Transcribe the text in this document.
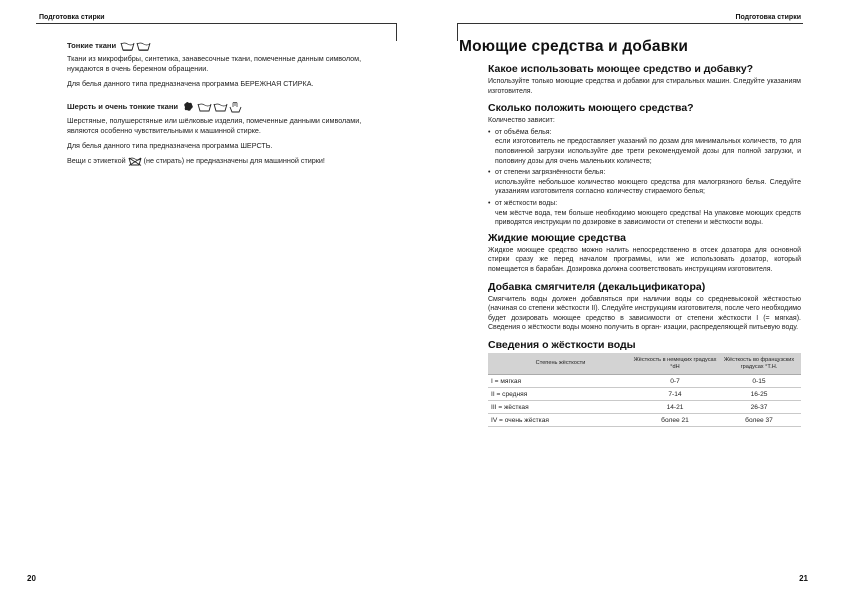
Подготовка стирки
Тонкие ткани

Ткани из микрофибры, синтетика, занавесочные ткани, помеченные данным символом, нуждаются в очень бережном обращении.

Для белья данного типа предназначена программа БЕРЕЖНАЯ СТИРКА.

Шерсть и очень тонкие ткани

Шерстяные, полушерстяные или шёлковые изделия, помеченные данными символами, являются особенно чувствительными к машинной стирке.

Для белья данного типа предназначена программа ШЕРСТЬ.

Вещи с этикеткой	(не стирать) не предназначены для машинной стирки!

20
Подготовка стирки
21
Моющие средства и добавки
Какое использовать моющее средство и добавку?
Используйте только моющие средства и добавки для стиральных машин. Следуйте указаниям изготовителя.
Сколько положить моющего средства?
Количество зависит:
• от объёма белья:
если изготовитель не предоставляет указаний по дозам для минимальных количеств, то для половинной загрузки используйте две трети рекомендуемой дозы для полной загрузки, и половину дозы для очень маленьких количеств;
• от степени загрязнённости белья:
используйте небольшое количество моющего средства для малогрязного белья. Следуйте указаниям изготовителя согласно количеству стираемого белья;
• от жёсткости воды:
чем жёстче вода, тем больше необходимо моющего средства! На упаковке моющих средств приводятся инструкции по дозировке в зависимости от степени и жёсткости воды.
Жидкие моющие средства
Жидкое моющее средство можно налить непосредственно в отсек дозатора для основной стирки сразу же перед началом программы, или же использовать дозатор, который помещается в барабан. Дозировка должна соответствовать инструкциям изготовителя.
Добавка смягчителя (декальцификатора)
Смягчитель воды должен добавляться при наличии воды со средневысокой жёсткостью (начиная со степени жёсткости II). Следуйте инструкциям изготовителя, после чего необходимо будет дозировать моющее средство в зависимости от степени жёсткости I (= мягкая). Сведения о жёсткости воды можно получить в орган- изации, распределяющей питьевую воду.
Сведения о жёсткости воды
Степень жёсткости	Жёсткость в немецких градусах °dH	Жёсткость во французских градусах °T.H.
I = мягкая	0-7	0-15
II = средняя	7-14	16-25
III = жёсткая	14-21	26-37
IV = очень жёсткая	более 21	более 37
